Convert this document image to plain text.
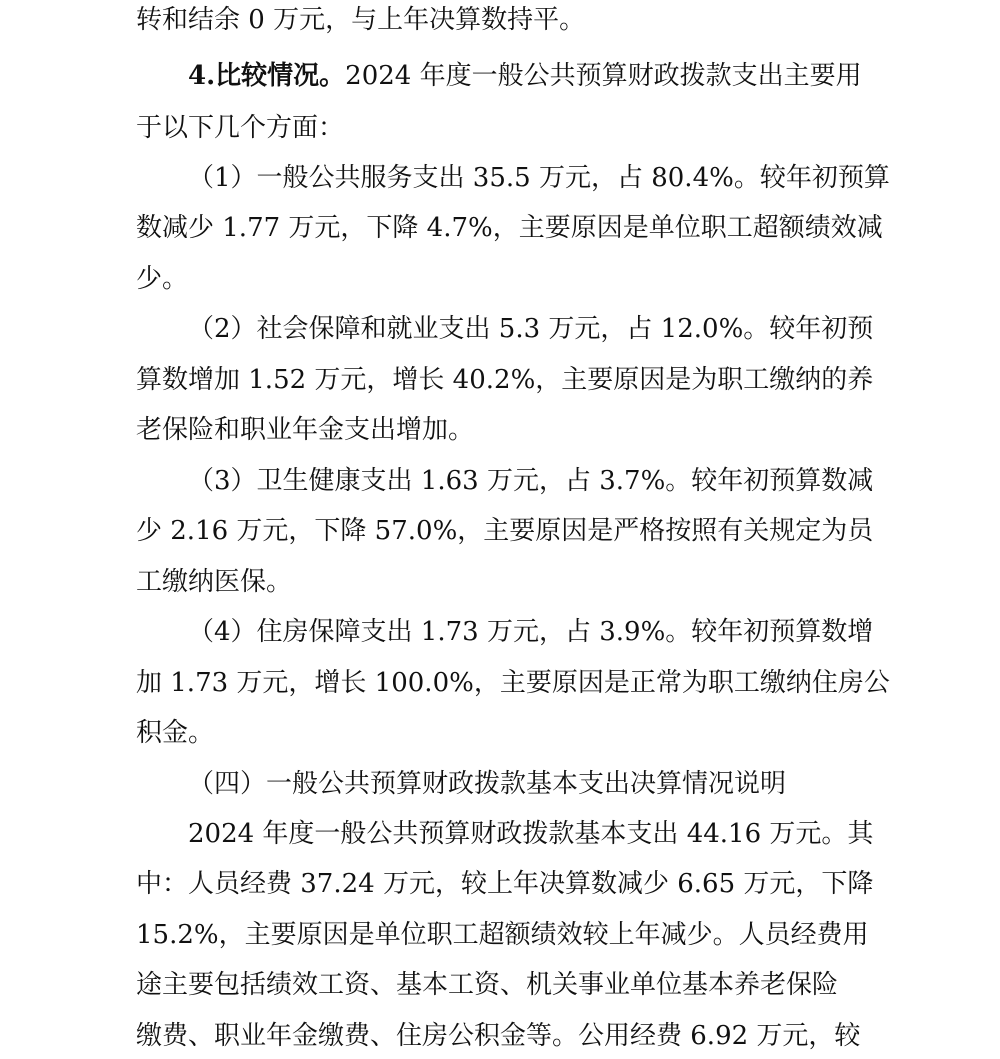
转和结余 0 万元，与上年决算数持平。
4.比较情况。2024 年度一般公共预算财政拨款支出主要用
于以下几个方面：
（1）一般公共服务支出 35.5 万元，占 80.4%。较年初预算
数减少 1.77 万元，下降 4.7%，主要原因是单位职工超额绩效减
少。
（2）社会保障和就业支出 5.3 万元，占 12.0%。较年初预
算数增加 1.52 万元，增长 40.2%，主要原因是为职工缴纳的养
老保险和职业年金支出增加。
（3）卫生健康支出 1.63 万元，占 3.7%。较年初预算数减
少 2.16 万元，下降 57.0%，主要原因是严格按照有关规定为员
工缴纳医保。
（4）住房保障支出 1.73 万元，占 3.9%。较年初预算数增
加 1.73 万元，增长 100.0%，主要原因是正常为职工缴纳住房公
积金。
（四）一般公共预算财政拨款基本支出决算情况说明
2024 年度一般公共预算财政拨款基本支出 44.16 万元。其
中：人员经费 37.24 万元，较上年决算数减少 6.65 万元，下降
15.2%，主要原因是单位职工超额绩效较上年减少。人员经费用
途主要包括绩效工资、基本工资、机关事业单位基本养老保险
缴费、职业年金缴费、住房公积金等。公用经费 6.92 万元，较
